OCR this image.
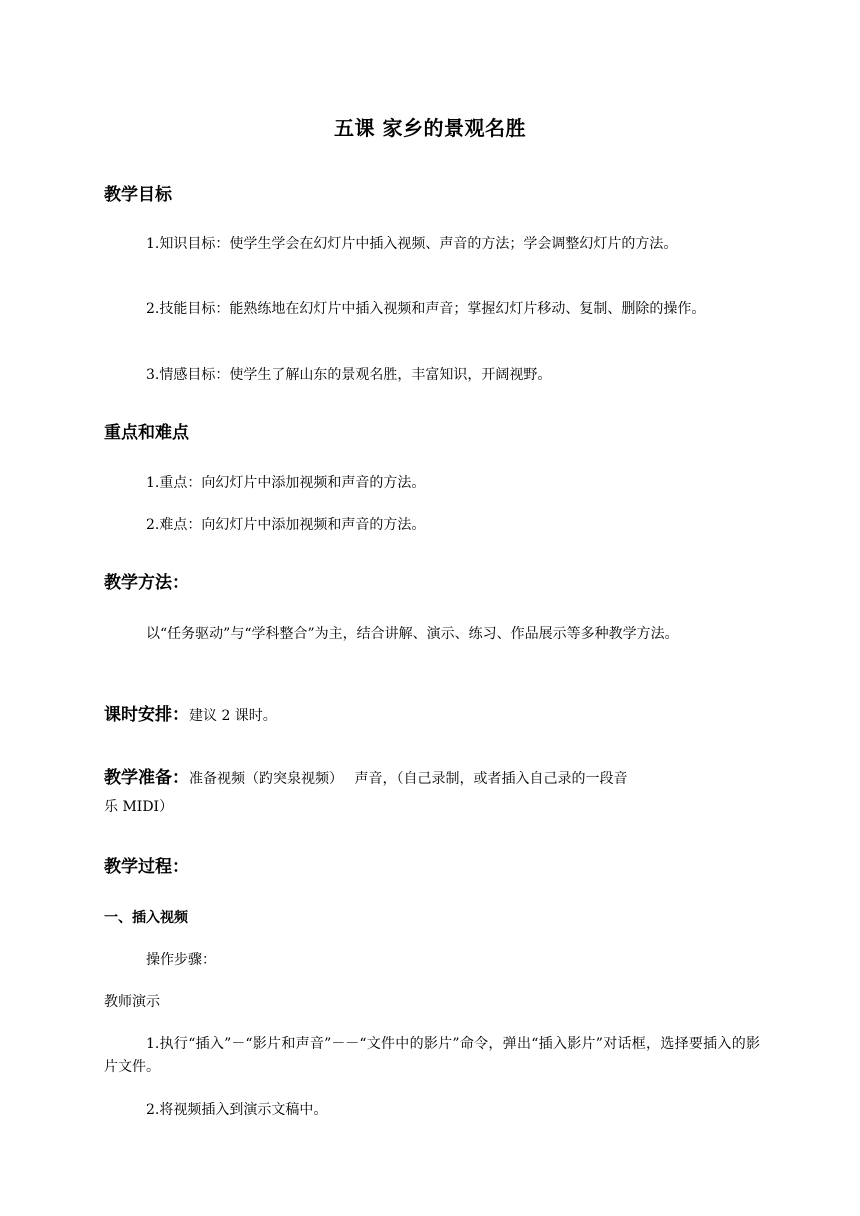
五课 家乡的景观名胜
教学目标
1.知识目标：使学生学会在幻灯片中插入视频、声音的方法；学会调整幻灯片的方法。
2.技能目标：能熟练地在幻灯片中插入视频和声音；掌握幻灯片移动、复制、删除的操作。
3.情感目标：使学生了解山东的景观名胜，丰富知识，开阔视野。
重点和难点
1.重点：向幻灯片中添加视频和声音的方法。
2.难点：向幻灯片中添加视频和声音的方法。
教学方法：
以“任务驱动”与“学科整合”为主，结合讲解、演示、练习、作品展示等多种教学方法。
课时安排：建议 2 课时。
教学准备：准备视频（趵突泉视频）　 声音，（自己录制，或者插入自己录的一段音
乐 MIDI）
教学过程：
一、插入视频
操作步骤：
教师演示
1.执行“插入”－“影片和声音”－－“文件中的影片”命令，弹出“插入影片”对话框，选择要插入的影片文件。
2.将视频插入到演示文稿中。
